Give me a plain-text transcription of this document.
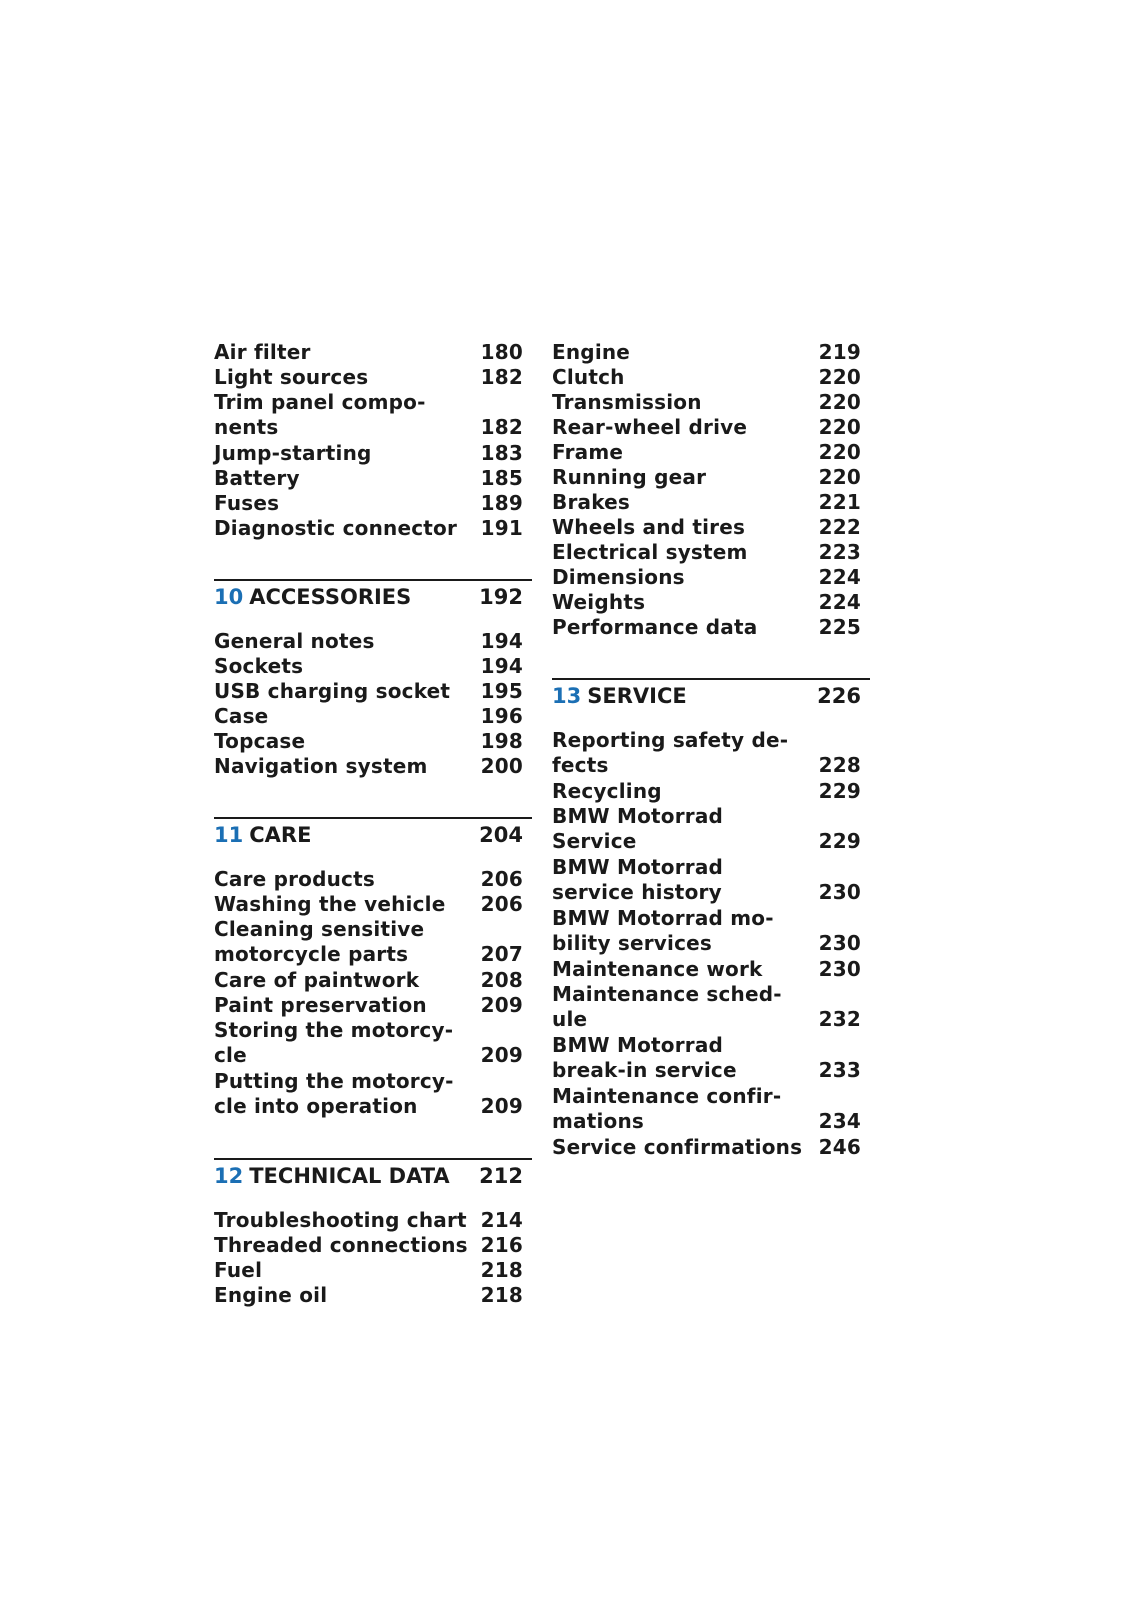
Air filter	180
Light sources	182
Trim panel compo-
nents	182
Jump-starting	183
Battery	185
Fuses	189
Diagnostic connector	191
10 ACCESSORIES	192
General notes	194
Sockets	194
USB charging socket	195
Case	196
Topcase	198
Navigation system	200
11 CARE	204
Care products	206
Washing the vehicle	206
Cleaning sensitive
motorcycle parts	207
Care of paintwork	208
Paint preservation	209
Storing the motorcy-
cle	209
Putting the motorcy-
cle into operation	209
12 TECHNICAL DATA 212
Troubleshooting chart 214
Threaded connections 216
Fuel	218
Engine oil	218
Engine	219
Clutch	220
Transmission	220
Rear-wheel drive	220
Frame	220
Running gear	220
Brakes	221
Wheels and tires	222
Electrical system	223
Dimensions	224
Weights	224
Performance data	225
13 SERVICE	226
Reporting safety de-
fects	228
Recycling	229
BMW Motorrad
Service	229
BMW Motorrad
service history	230
BMW Motorrad mo-
bility services	230
Maintenance work	230
Maintenance sched-
ule	232
BMW Motorrad
break-in service	233
Maintenance confir-
mations	234
Service confirmations 246
